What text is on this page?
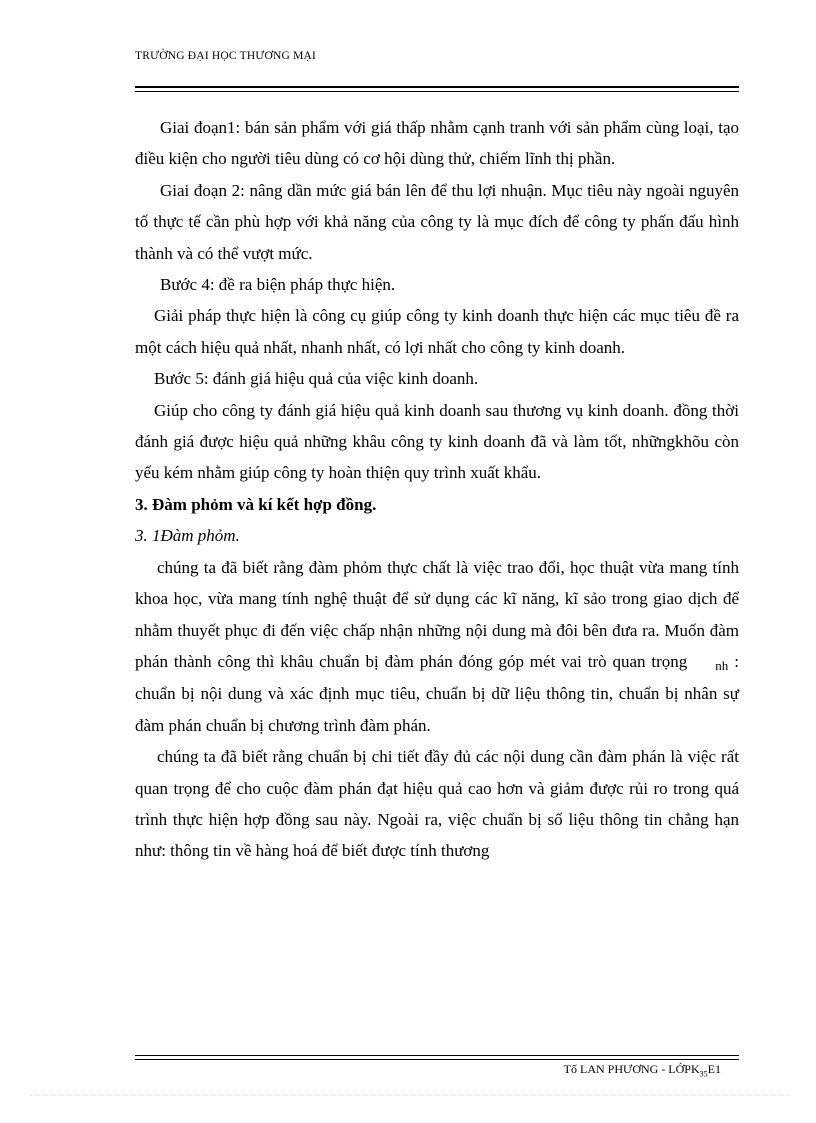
TRƯỜNG ĐẠI HỌC THƯƠNG MẠI

Giai đoạn1: bán sản phẩm với giá thấp nhằm cạnh tranh với sản phẩm cùng loại, tạo điều kiện cho người tiêu dùng có cơ hội dùng thử, chiếm lĩnh thị phần.

Giai đoạn 2: nâng dần mức giá bán lên để thu lợi nhuận. Mục tiêu này ngoài nguyên tố thực tế cần phù hợp với khả năng của công ty là mục đích để công ty phấn đấu hình thành và có thể vượt mức.

Bước 4: đề ra biện pháp thực hiện.

Giải pháp thực hiện là công cụ giúp công ty kinh doanh thực hiện các mục tiêu đề ra một cách hiệu quả nhất, nhanh nhất, có lợi nhất cho công ty kinh doanh.

Bước 5: đánh giá hiệu quả của việc kinh doanh.

Giúp cho công ty đánh giá hiệu quả kinh doanh sau thương vụ kinh doanh. đồng thời đánh giá được hiệu quả những khâu công ty kinh doanh đã và làm tốt, nhữngkhõu còn yếu kém nhằm giúp công ty hoàn thiện quy trình xuất khẩu.

3. Đàm phỏm và kí kết hợp đồng.

3. 1Đàm phỏm.

chúng ta đã biết rằng đàm phỏm thực chất là việc trao đổi, học thuật vừa mang tính khoa học, vừa mang tính nghệ thuật để sử dụng các kĩ năng, kĩ sảo trong giao dịch để nhằm thuyết phục đi đến việc chấp nhận những nội dung mà đôi bên đưa ra. Muốn đàm phán thành công thì khâu chuẩn bị đàm phán đóng góp mét vai trò quan trọng nh : chuẩn bị nội dung và xác định mục tiêu, chuẩn bị dữ liệu thông tin, chuẩn bị nhân sự đàm phán chuẩn bị chương trình đàm phán.

chúng ta đã biết rằng chuẩn bị chi tiết đầy đủ các nội dung cần đàm phán là việc rất quan trọng để cho cuộc đàm phán đạt hiệu quả cao hơn và giảm được rủi ro trong quá trình thực hiện hợp đồng sau này. Ngoài ra, việc chuẩn bị số liệu thông tin chẳng hạn như: thông tin về hàng hoá để biết được tính thương

Tố LAN PHƯƠNG - LỚPK$_{35}$E1
